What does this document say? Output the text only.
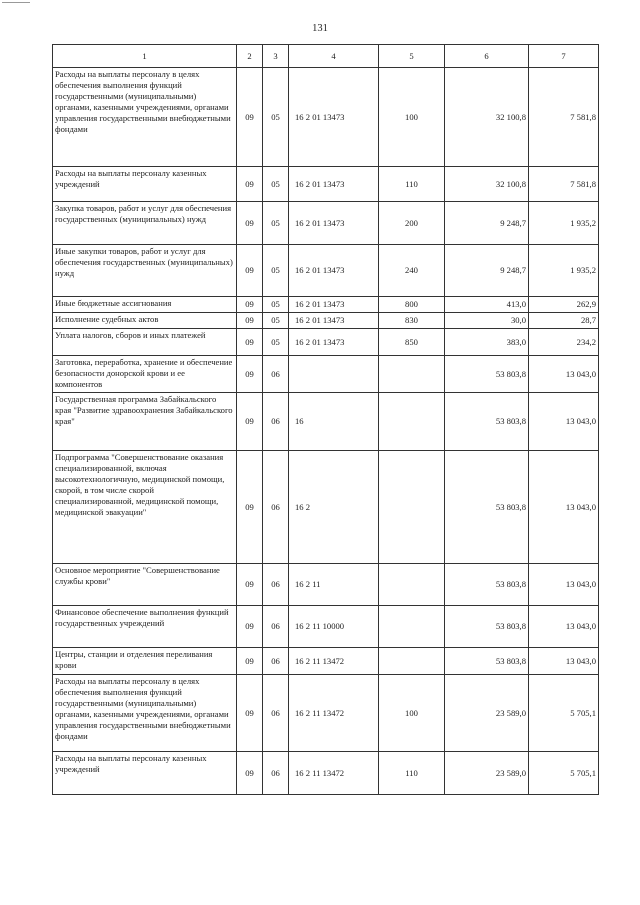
131
1	2	3	4	5	6	7
Расходы на выплаты персоналу в целях обеспечения выполнения функций государственными (муниципальными) органами, казенными учреждениями, органами управления государственными внебюджетными фондами	09	05	16 2 01 13473	100	32 100,8	7 581,8
Расходы на выплаты персоналу казенных учреждений	09	05	16 2 01 13473	110	32 100,8	7 581,8
Закупка товаров, работ и услуг для обеспечения государственных (муниципальных) нужд	09	05	16 2 01 13473	200	9 248,7	1 935,2
Иные закупки товаров, работ и услуг для обеспечения государственных (муниципальных) нужд	09	05	16 2 01 13473	240	9 248,7	1 935,2
Иные бюджетные ассигнования	09	05	16 2 01 13473	800	413,0	262,9
Исполнение судебных актов	09	05	16 2 01 13473	830	30,0	28,7
Уплата налогов, сборов и иных платежей	09	05	16 2 01 13473	850	383,0	234,2
Заготовка, переработка, хранение и обеспечение безопасности донорской крови и ее компонентов	09	06			53 803,8	13 043,0
Государственная программа Забайкальского края "Развитие здравоохранения Забайкальского края"	09	06	16		53 803,8	13 043,0
Подпрограмма "Совершенствование оказания специализированной, включая высокотехнологичную, медицинской помощи, скорой, в том числе скорой специализированной, медицинской помощи, медицинской эвакуации"	09	06	16 2		53 803,8	13 043,0
Основное мероприятие "Совершенствование службы крови"	09	06	16 2 11		53 803,8	13 043,0
Финансовое обеспечение выполнения функций государственных учреждений	09	06	16 2 11 10000		53 803,8	13 043,0
Центры, станции и отделения переливания крови	09	06	16 2 11 13472		53 803,8	13 043,0
Расходы на выплаты персоналу в целях обеспечения выполнения функций государственными (муниципальными) органами, казенными учреждениями, органами управления государственными внебюджетными фондами	09	06	16 2 11 13472	100	23 589,0	5 705,1
Расходы на выплаты персоналу казенных учреждений	09	06	16 2 11 13472	110	23 589,0	5 705,1
